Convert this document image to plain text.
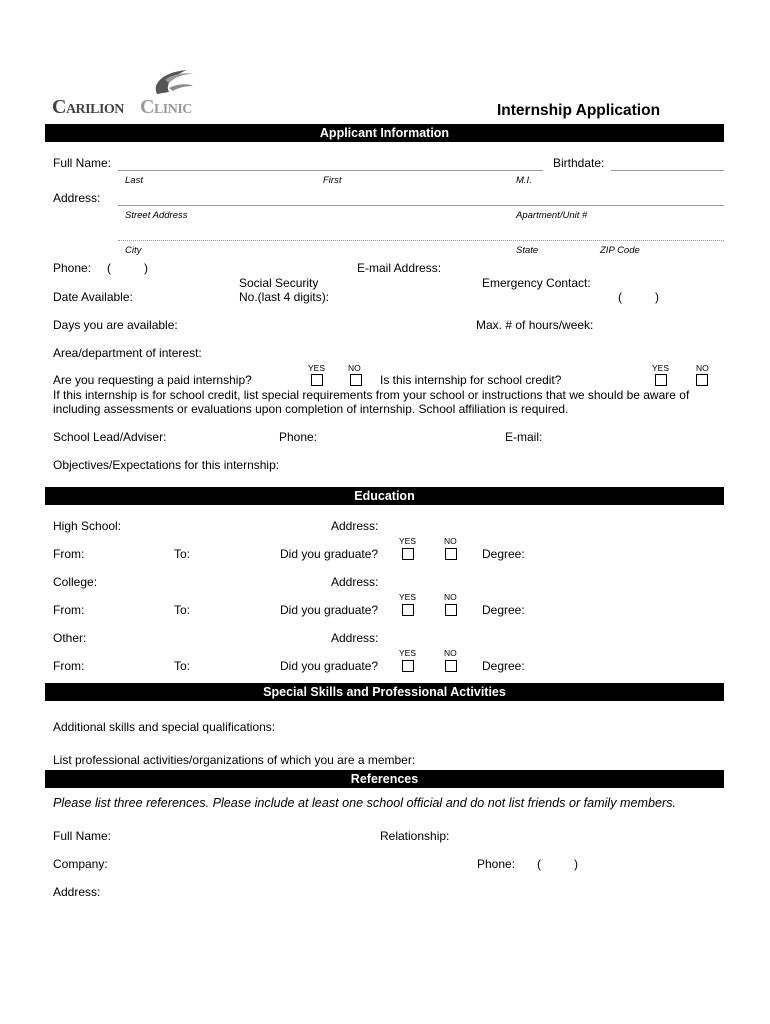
Carilion Clinic	Internship Application
Applicant Information
Full Name:	Birthdate:
Last	First	M.I.
Address:
Street Address	Apartment/Unit #
City	State	ZIP Code
Phone: (	)	E-mail Address:
Social Security
No.(last 4 digits):
Emergency Contact:
(	)
Date Available:
Days you are available:	Max. # of hours/week:
Area/department of interest:
YES	NO	YES	NO
Are you requesting a paid internship?	Is this internship for school credit?
If this internship is for school credit, list special requirements from your school or instructions that we should be aware of
including assessments or evaluations upon completion of internship. School affiliation is required.
School Lead/Adviser:	Phone:	E-mail:
Objectives/Expectations for this internship:
Education
High School:	Address:
YES	NO
From:	To:	Did you graduate?	Degree:
College:	Address:
YES	NO
From:	To:	Did you graduate?	Degree:
Other:	Address:
YES	NO
From:	To:	Did you graduate?	Degree:
Special Skills and Professional Activities
Additional skills and special qualifications:
List professional activities/organizations of which you are a member:
References
Please list three references. Please include at least one school official and do not list friends or family members.
Full Name:	Relationship:
Company:	Phone: (	)
Address:
